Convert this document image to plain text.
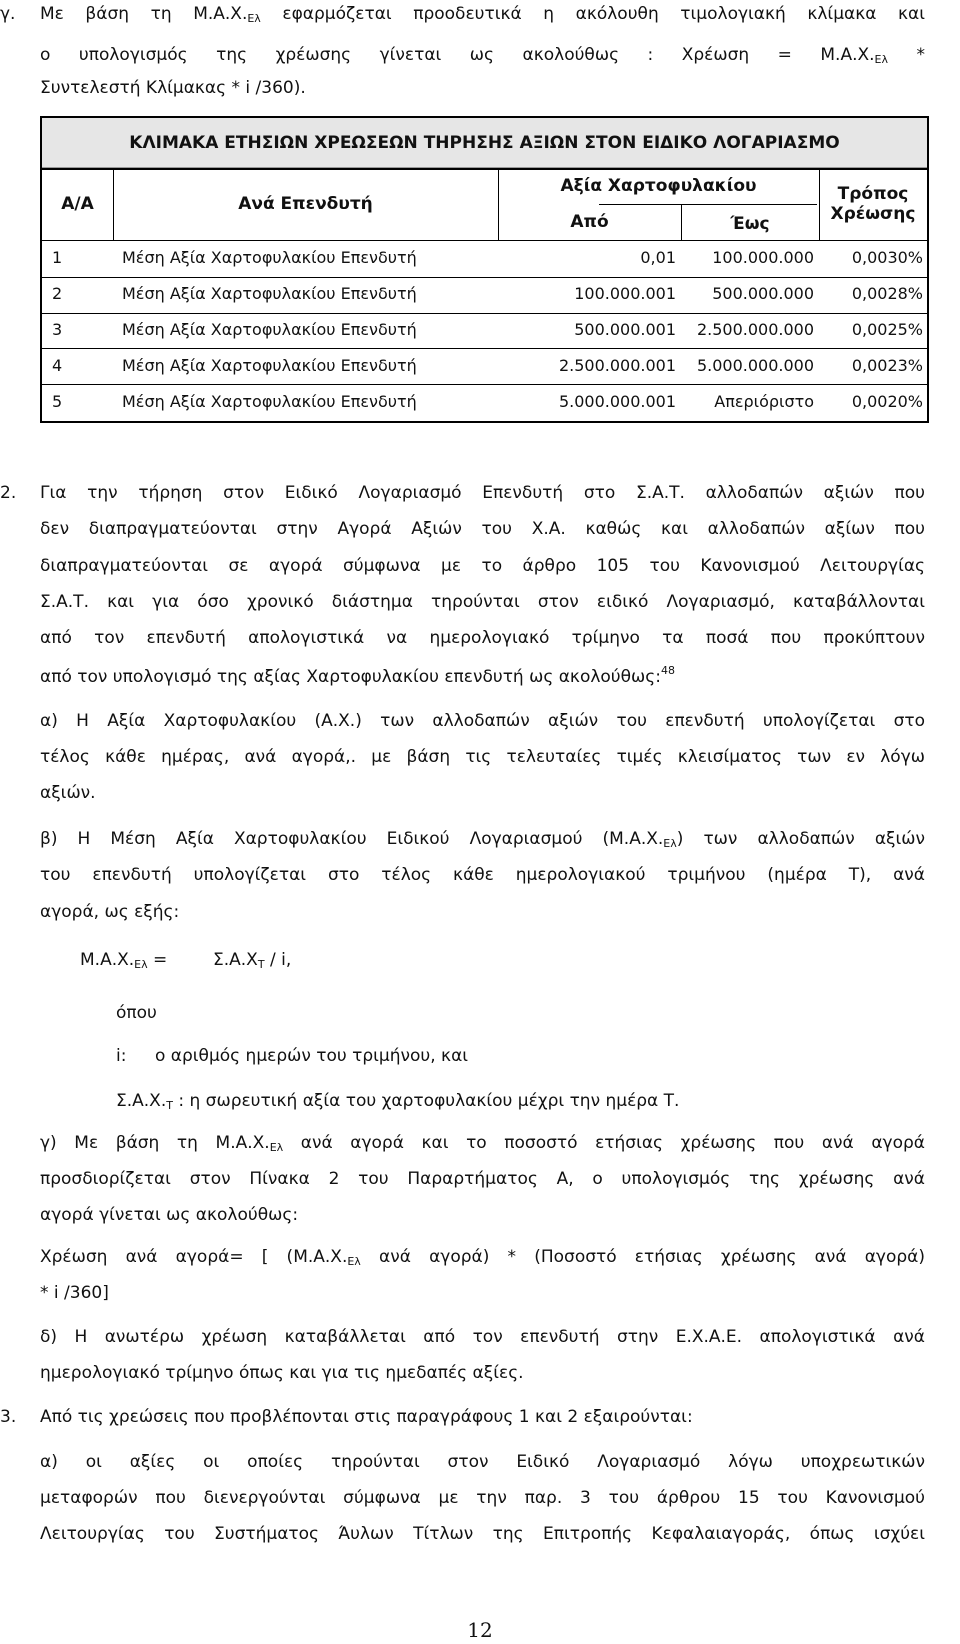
γ. Με βάση τη $M.A.X._{E\lambda}$ εφαρμόζεται προοδευτικά η ακόλουθη τιμολογιακή κλίμακα και
ο υπολογισμός της χρέωσης γίνεται ως ακολούθως : $X\rho έ\omega\sigma\eta = M.A.X._{E\lambda}$ *
Συντελεστή Κλίμακας * i /360).
ΚΛΙΜΑΚΑ ΕΤΗΣΙΩΝ ΧΡΕΩΣΕΩΝ ΤΗΡΗΣΗΣ ΑΞΙΩΝ ΣΤΟΝ ΕΙΔΙΚΟ ΛΟΓΑΡΙΑΣΜΟ
Α/Α	Ανά Επενδυτή
Αξία Χαρτοφυλακίου
Από	Έως
Τρόπος
Χρέωσης
1	Μέση Αξία Χαρτοφυλακίου Επενδυτή	0,01	100.000.000	0,0030%
2	Μέση Αξία Χαρτοφυλακίου Επενδυτή	100.000.001	500.000.000	0,0028%
3	Μέση Αξία Χαρτοφυλακίου Επενδυτή	500.000.001	2.500.000.000	0,0025%
4	Μέση Αξία Χαρτοφυλακίου Επενδυτή	2.500.000.001	5.000.000.000	0,0023%
5	Μέση Αξία Χαρτοφυλακίου Επενδυτή	5.000.000.001	Απεριόριστο	0,0020%
2. Για την τήρηση στον Ειδικό Λογαριασμό Επενδυτή στο Σ.Α.Τ. αλλοδαπών αξιών που
δεν διαπραγματεύονται στην Αγορά Αξιών του Χ.Α. καθώς και αλλοδαπών αξίων που
διαπραγματεύονται σε αγορά σύμφωνα με το άρθρο 105 του Κανονισμού Λειτουργίας
Σ.Α.Τ. και για όσο χρονικό διάστημα τηρούνται στον ειδικό Λογαριασμό, καταβάλλονται
από τον επενδυτή απολογιστικά να ημερολογιακό τρίμηνο τα ποσά που προκύπτουν
από τον υπολογισμό της αξίας Χαρτοφυλακίου επενδυτή ως ακολούθως:$^{48}$
α) Η Αξία Χαρτοφυλακίου (Α.Χ.) των αλλοδαπών αξιών του επενδυτή υπολογίζεται στο
τέλος κάθε ημέρας, ανά αγορά,. με βάση τις τελευταίες τιμές κλεισίματος των εν λόγω
αξιών.
β) Η Μέση Αξία Χαρτοφυλακίου Ειδικού Λογαριασμού $(M.A.X._{E\lambda})$ των αλλοδαπών αξιών
του επενδυτή υπολογίζεται στο τέλος κάθε ημερολογιακού τριμήνου (ημέρα Τ), ανά
αγορά, ως εξής:
$M.A.X._{E\lambda}$ =	$\Sigma.A.X_T$ / i,
όπου
i: ο αριθμός ημερών του τριμήνου, και
$\Sigma.A.X._T$ : η σωρευτική αξία του χαρτοφυλακίου μέχρι την ημέρα Τ.
γ) Με βάση τη $M.A.X._{E\lambda}$ ανά αγορά και το ποσοστό ετήσιας χρέωσης που ανά αγορά
προσδιορίζεται στον Πίνακα 2 του Παραρτήματος Α, ο υπολογισμός της χρέωσης ανά
αγορά γίνεται ως ακολούθως:
Χρέωση ανά αγορά= [ ($M.A.X._{E\lambda}$ ανά αγορά) * (Ποσοστό ετήσιας χρέωσης ανά αγορά)
* i /360]
δ) Η ανωτέρω χρέωση καταβάλλεται από τον επενδυτή στην Ε.Χ.Α.Ε. απολογιστικά ανά
ημερολογιακό τρίμηνο όπως και για τις ημεδαπές αξίες.
3. Από τις χρεώσεις που προβλέπονται στις παραγράφους 1 και 2 εξαιρούνται:
α) οι αξίες οι οποίες τηρούνται στον Ειδικό Λογαριασμό λόγω υποχρεωτικών
μεταφορών που διενεργούνται σύμφωνα με την παρ. 3 του άρθρου 15 του Κανονισμού
Λειτουργίας του Συστήματος Άυλων Τίτλων της Επιτροπής Κεφαλαιαγοράς, όπως ισχύει
12
